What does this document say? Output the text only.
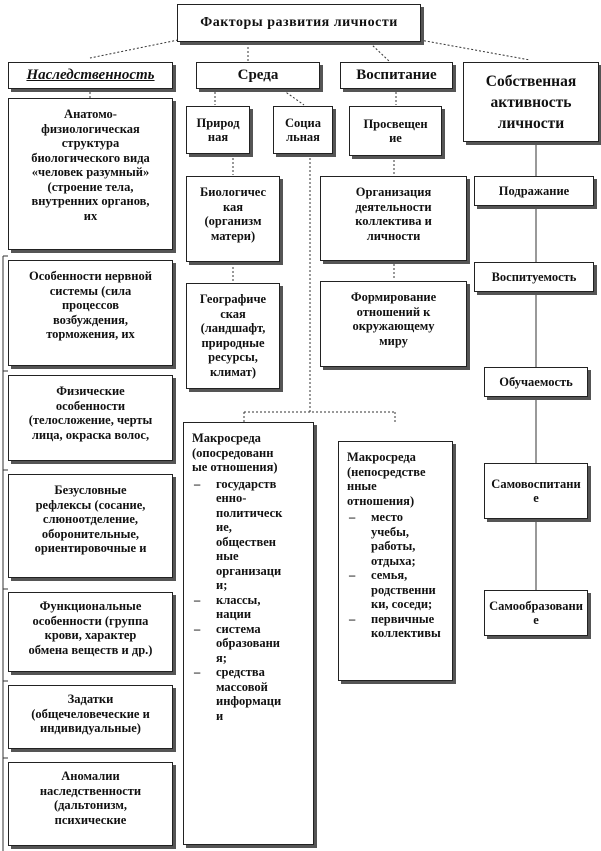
Факторы развития личности
Наследственность	Среда	Воспитание	Собственная
активность
личности
Анатомо-
физиологическая
структура
биологического вида
«человек разумный»
(строение тела,
внутренних органов,
их
Особенности нервной
системы (сила
процессов
возбуждения,
торможения, их
Физические
особенности
(телосложение, черты
лица, окраска волос,
Безусловные
рефлексы (сосание,
слюноотделение,
оборонительные,
ориентировочные и
Функциональные
особенности (группа
крови, характер
обмена веществ и др.)
Задатки
(общечеловеческие и
индивидуальные)
Аномалии
наследственности
(дальтонизм,
психические
Природ
ная
Социа
льная
Биологичес
кая
(организм
матери)
Географиче
ская
(ландшафт,
природные
ресурсы,
климат)
Просвещен
ие
Организация
деятельности
коллектива и
личности
Формирование
отношений к
окружающему
миру
Подражание
Воспитуемость
Обучаемость
Самовоспитание
Самообразование
Макросреда
(опосредованн
ые отношения)
– государств
енно-
политическ
ие,
обществен
ные
организаци
и;
– классы,
нации
– система
образовани
я;
– средства
массовой
информаци
и
Макросреда
(непосредстве
нные
отношения)
– место
учебы,
работы,
отдыха;
– семья,
родственни
ки, соседи;
– первичные
коллективы
